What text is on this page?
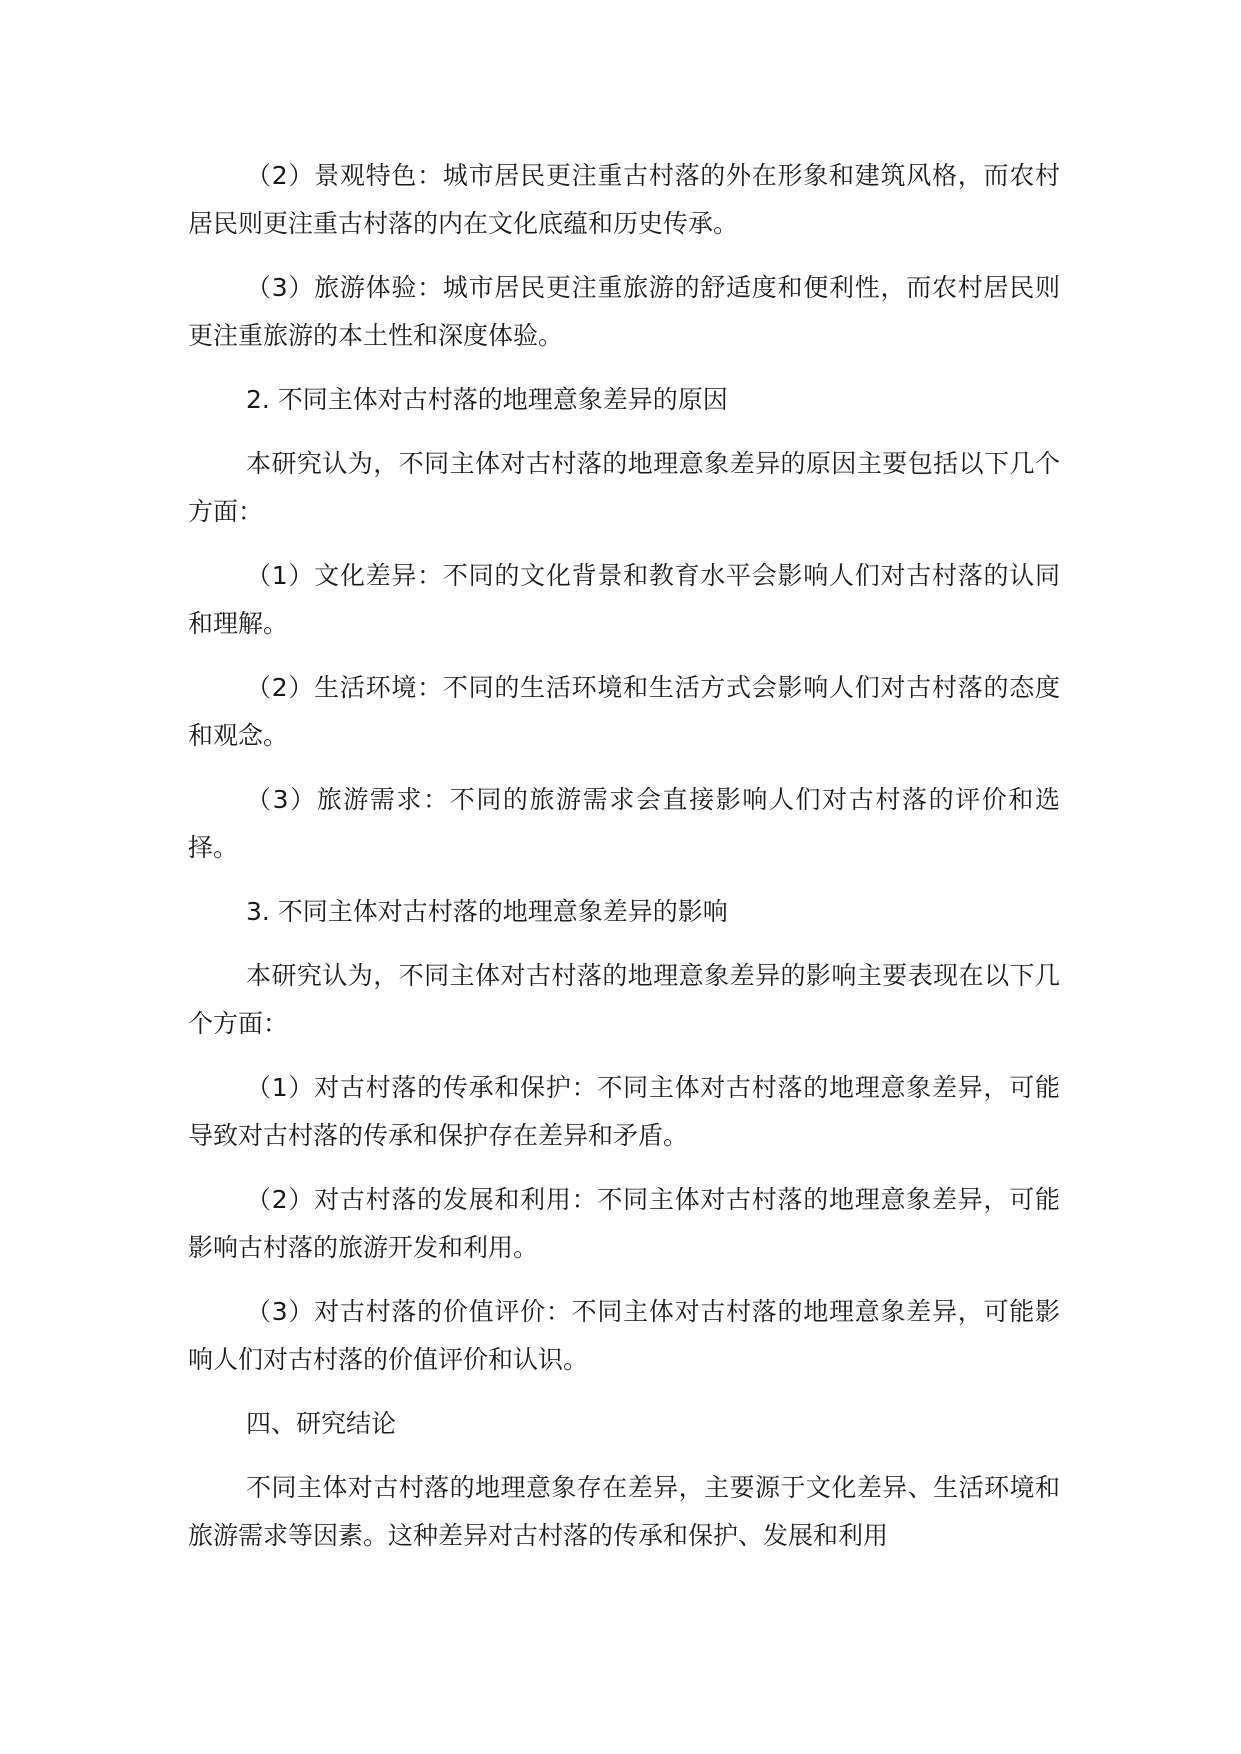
（2）景观特色：城市居民更注重古村落的外在形象和建筑风格，而农村居民则更注重古村落的内在文化底蕴和历史传承。

（3）旅游体验：城市居民更注重旅游的舒适度和便利性，而农村居民则更注重旅游的本土性和深度体验。

2. 不同主体对古村落的地理意象差异的原因

本研究认为，不同主体对古村落的地理意象差异的原因主要包括以下几个方面：

（1）文化差异：不同的文化背景和教育水平会影响人们对古村落的认同和理解。

（2）生活环境：不同的生活环境和生活方式会影响人们对古村落的态度和观念。

（3）旅游需求：不同的旅游需求会直接影响人们对古村落的评价和选择。

3. 不同主体对古村落的地理意象差异的影响

本研究认为，不同主体对古村落的地理意象差异的影响主要表现在以下几个方面：

（1）对古村落的传承和保护：不同主体对古村落的地理意象差异，可能导致对古村落的传承和保护存在差异和矛盾。

（2）对古村落的发展和利用：不同主体对古村落的地理意象差异，可能影响古村落的旅游开发和利用。

（3）对古村落的价值评价：不同主体对古村落的地理意象差异，可能影响人们对古村落的价值评价和认识。

四、研究结论

不同主体对古村落的地理意象存在差异，主要源于文化差异、生活环境和旅游需求等因素。这种差异对古村落的传承和保护、发展和利用
